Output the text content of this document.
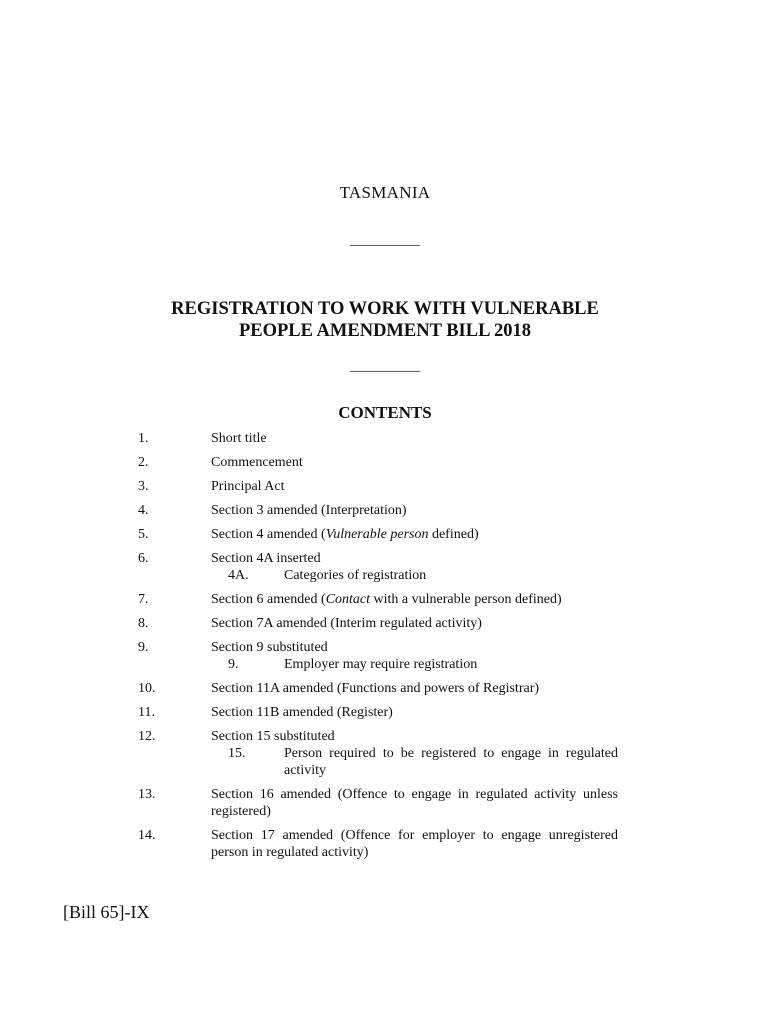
TASMANIA
__________
REGISTRATION TO WORK WITH VULNERABLE
PEOPLE AMENDMENT BILL 2018
__________
CONTENTS
1.	Short title
2.	Commencement
3.	Principal Act
4.	Section 3 amended (Interpretation)
5.	Section 4 amended (Vulnerable person defined)
6.	Section 4A inserted
4A.	Categories of registration
7.	Section 6 amended (Contact with a vulnerable person defined)
8.	Section 7A amended (Interim regulated activity)
9.	Section 9 substituted
9.	Employer may require registration
10.	Section 11A amended (Functions and powers of Registrar)
11.	Section 11B amended (Register)
12.	Section 15 substituted
15.	Person required to be registered to engage in regulated activity
13.	Section 16 amended (Offence to engage in regulated activity unless registered)
14.	Section 17 amended (Offence for employer to engage unregistered person in regulated activity)
[Bill 65]-IX
